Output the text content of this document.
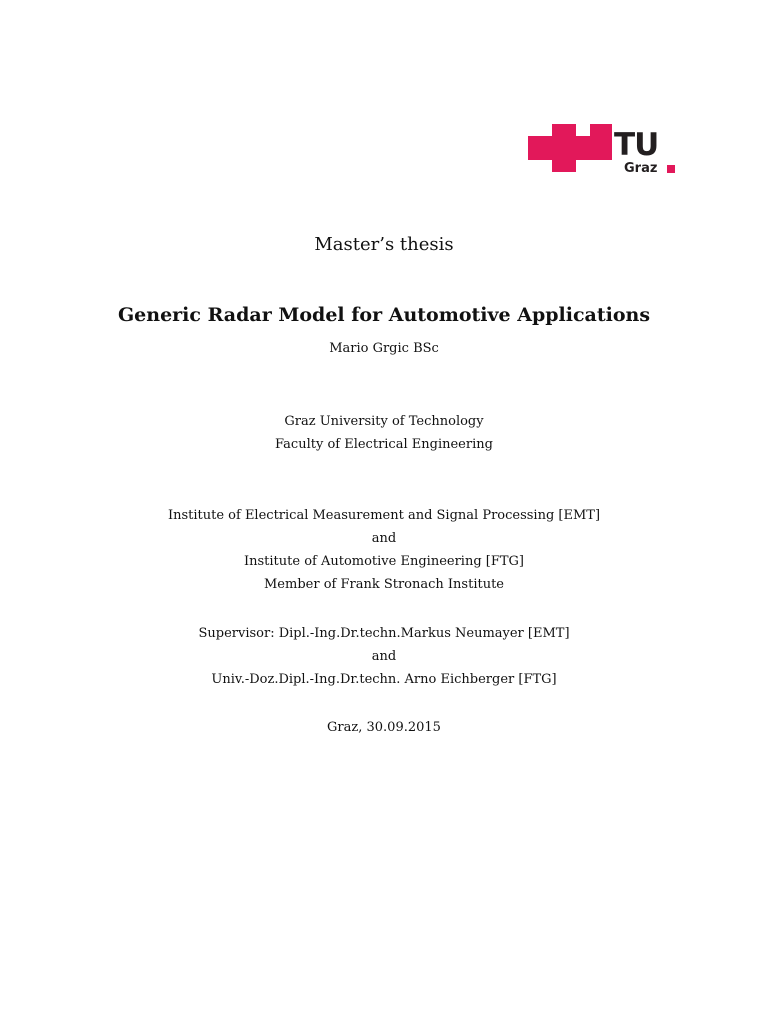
TU
Graz
Master’s thesis
Generic Radar Model for Automotive Applications
Mario Grgic BSc
Graz University of Technology
Faculty of Electrical Engineering
Institute of Electrical Measurement and Signal Processing [EMT]
and
Institute of Automotive Engineering [FTG]
Member of Frank Stronach Institute
Supervisor: Dipl.-Ing.Dr.techn.Markus Neumayer [EMT]
and
Univ.-Doz.Dipl.-Ing.Dr.techn. Arno Eichberger [FTG]
Graz, 30.09.2015
